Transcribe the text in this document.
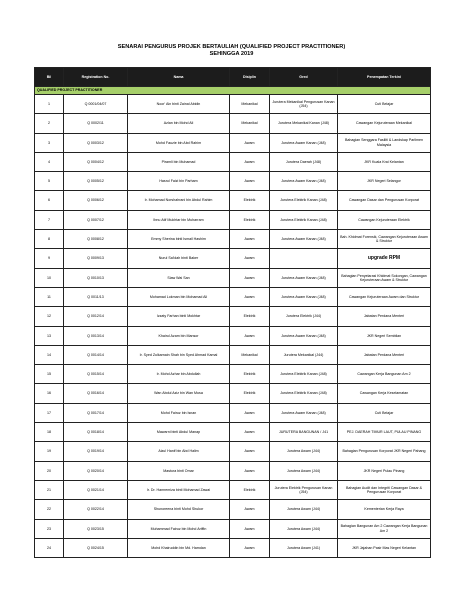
SENARAI PENGURUS PROJEK BERTAULIAH (QUALIFIED PROJECT PRACTITIONER)
SEHINGGA 2019
Bil	Registration No.	Nama	Disiplin	Gred	Penempatan Terkini
QUALIFIED PROJECT PRACTITIONER					
1	Q 0001/04/07	Noor' Ain binti Zainal Abidin	Mekanikal	Jurutera Mekanikal Pengurusan Kanan (J54)	Cuti Belajar
2	Q 0002/11	Azlan bin Mohd Ali	Mekanikal	Jurutera Mekanikal Kanan (J48)	Cawangan Kejuruteraan Mekanikal
3	Q 0003/12	Mohd Fauzie bin Abd Rahim	Awam	Jurutera Awam Kanan (J48)	Bahagian Senggara Fasiliti & Landskap Parlimen Malaysia
4	Q 0004/12	Piramli bin Muhamad	Awam	Jurutera Daerah (J48)	JKR Kuala Krai Kelantan
5	Q 0005/12	Hasrul Faizi bin Parham	Awam	Jurutera Awam Kanan (J48)	JKR Negeri Selangor
6	Q 0006/12	Ir. Mohamad Norshahrani bin Abdul Rahim	Elektrik	Jurutera Elektrik Kanan (J48)	Cawangan Dasar dan Pengurusan Korporat
7	Q 0007/12	Ibnu Atif Mukhtar bin Muharram	Elektrik	Jurutera Elektrik Kanan (J48)	Cawangan Kejuruteraan Elektrik
8	Q 0008/12	Emmy Sherina binti Ismail Hashim	Awam	Jurutera Awam Kanan (J48)	Bah. Khidmat Forensik, Cawangan Kejuruteraan Awam & Struktur
9	Q 0009/13	Nurul Sa'idah binti Baker	Awam		upgrade RPM
10	Q 0010/13	Siaw Wai San	Awam	Jurutera Awam Kanan (J48)	Bahagian Penyelarasi Khidmat Sokongan, Cawangan Kejuruteraan Awam & Struktur
11	Q 0011/13	Mohamad Lokman bin Mohamad Ali	Awam	Jurutera Awam Kanan (J48)	Cawangan Kejuruteraan Awam dan Struktur
12	Q 0012/14	Izzaty Farhan binti Mokhtar	Elektrik	Jurutera Elektrik (J44)	Jabatan Perdana Menteri
13	Q 0013/14	Khairul Azam bin Mansor	Awam	Jurutera Awam Kanan (J48)	JKR Negeri Sembilan
14	Q 0014/14	Ir. Syed Zulkarnain Shah bin Syed Ahmad Kamal	Mekanikal	Jurutera Mekanikal (J44)	Jabatan Perdana Menteri
15	Q 0015/14	Ir. Mohd Azhar bin Abdullah	Elektrik	Jurutera Elektrik Kanan (J48)	Cawangan Kerja Bangunan Am 2
16	Q 0016/14	Wan Abdul Aziz bin Wan Musa	Elektrik	Jurutera Elektrik Kanan (J48)	Cawangan Kerja Keselamatan
17	Q 0017/14	Mohd Fairuz bin Isnan	Awam	Jurutera Awam Kanan (J48)	Cuti Belajar
18	Q 0018/14	Mawarni binti Abdul Manap	Awam	JURUTERA BANGUNAN / J41	PEJ. DAERAH TIMUR LAUT, PULAU PINANG
19	Q 0019/14	Aizul Hanif bin Abd Halim	Awam	Jurutera Awam (J44)	Bahagian Pengurusan Korporat JKR Negeri Pahang
20	Q 0020/14	Mastura binti Omar	Awam	Jurutera Awam (J44)	JKR Negeri Pulau Pinang
21	Q 0021/14	Ir. Dr. Hamremiza binti Mohamad Zawai	Elektrik	Jurutera Elektrik Pengurusan Kanan (J54)	Bahagian Audit dan Integriti Cawangan Dasar & Pengurusan Korporat
22	Q 0022/14	Shunoreena binti Mohd Shukor	Awam	Jurutera Awam (J44)	Kementerian Kerja Raya
23	Q 0023/15	Muhammad Fairuz bin Mohd Ariffin	Awam	Jurutera Awam (J44)	Bahagian Bangunan Am 2 Cawangan Kerja Bangunan Am 2
24	Q 0024/15	Mohd Khairuddin bin Md. Hamdan	Awam	Jurutera Awam (J41)	JKR Jajahan Pasir Mas Negeri Kelantan
